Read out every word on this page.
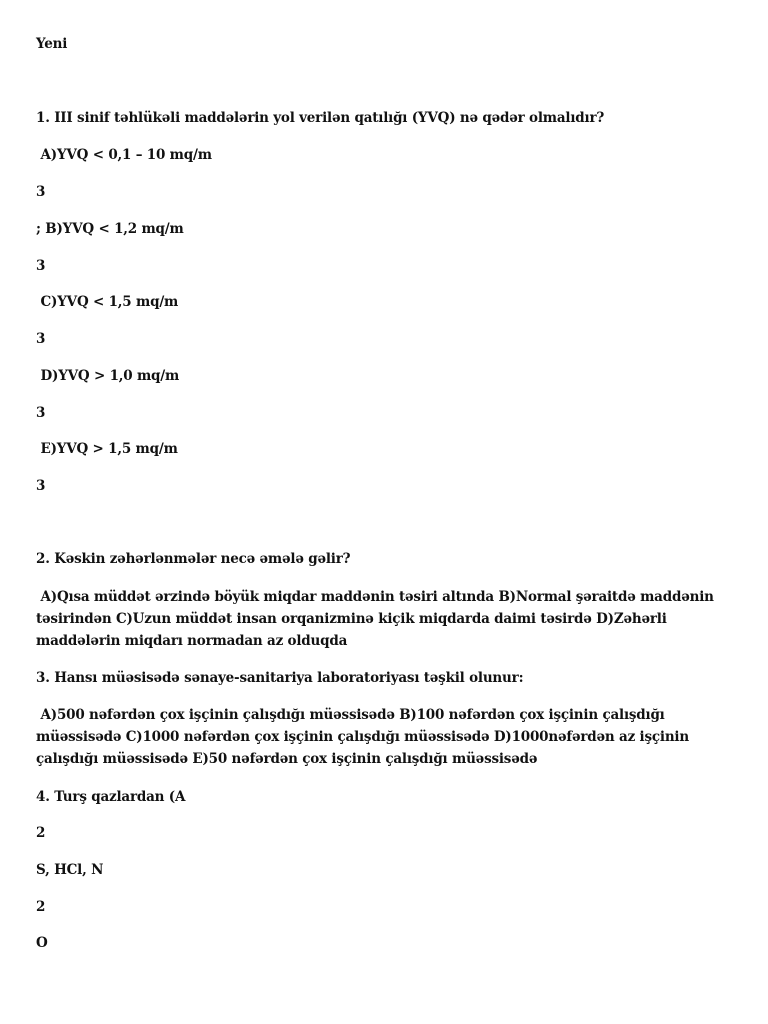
Yeni
1. III sinif təhlükəli maddələrin yol verilən qatılığı (YVQ) nə qədər olmalıdır?
A)YVQ < 0,1 – 10 mq/m
3
; B)YVQ < 1,2 mq/m
3
C)YVQ < 1,5 mq/m
3
D)YVQ > 1,0 mq/m
3
E)YVQ > 1,5 mq/m
3
2. Kəskin zəhərlənmələr necə əmələ gəlir?
A)Qısa müddət ərzində böyük miqdar maddənin təsiri altında B)Normal şəraitdə maddənin təsirindən C)Uzun müddət insan orqanizminə kiçik miqdarda daimi təsirdə D)Zəhərli maddələrin miqdarı normadan az olduqda
3. Hansı müəsisədə sənaye-sanitariya laboratoriyası təşkil olunur:
A)500 nəfərdən çox işçinin çalışdığı müəssisədə B)100 nəfərdən çox işçinin çalışdığı müəssisədə C)1000 nəfərdən çox işçinin çalışdığı müəssisədə D)1000nəfərdən az işçinin çalışdığı müəssisədə E)50 nəfərdən çox işçinin çalışdığı müəssisədə
4. Turş qazlardan (A
2
S, HCl, N
2
O
